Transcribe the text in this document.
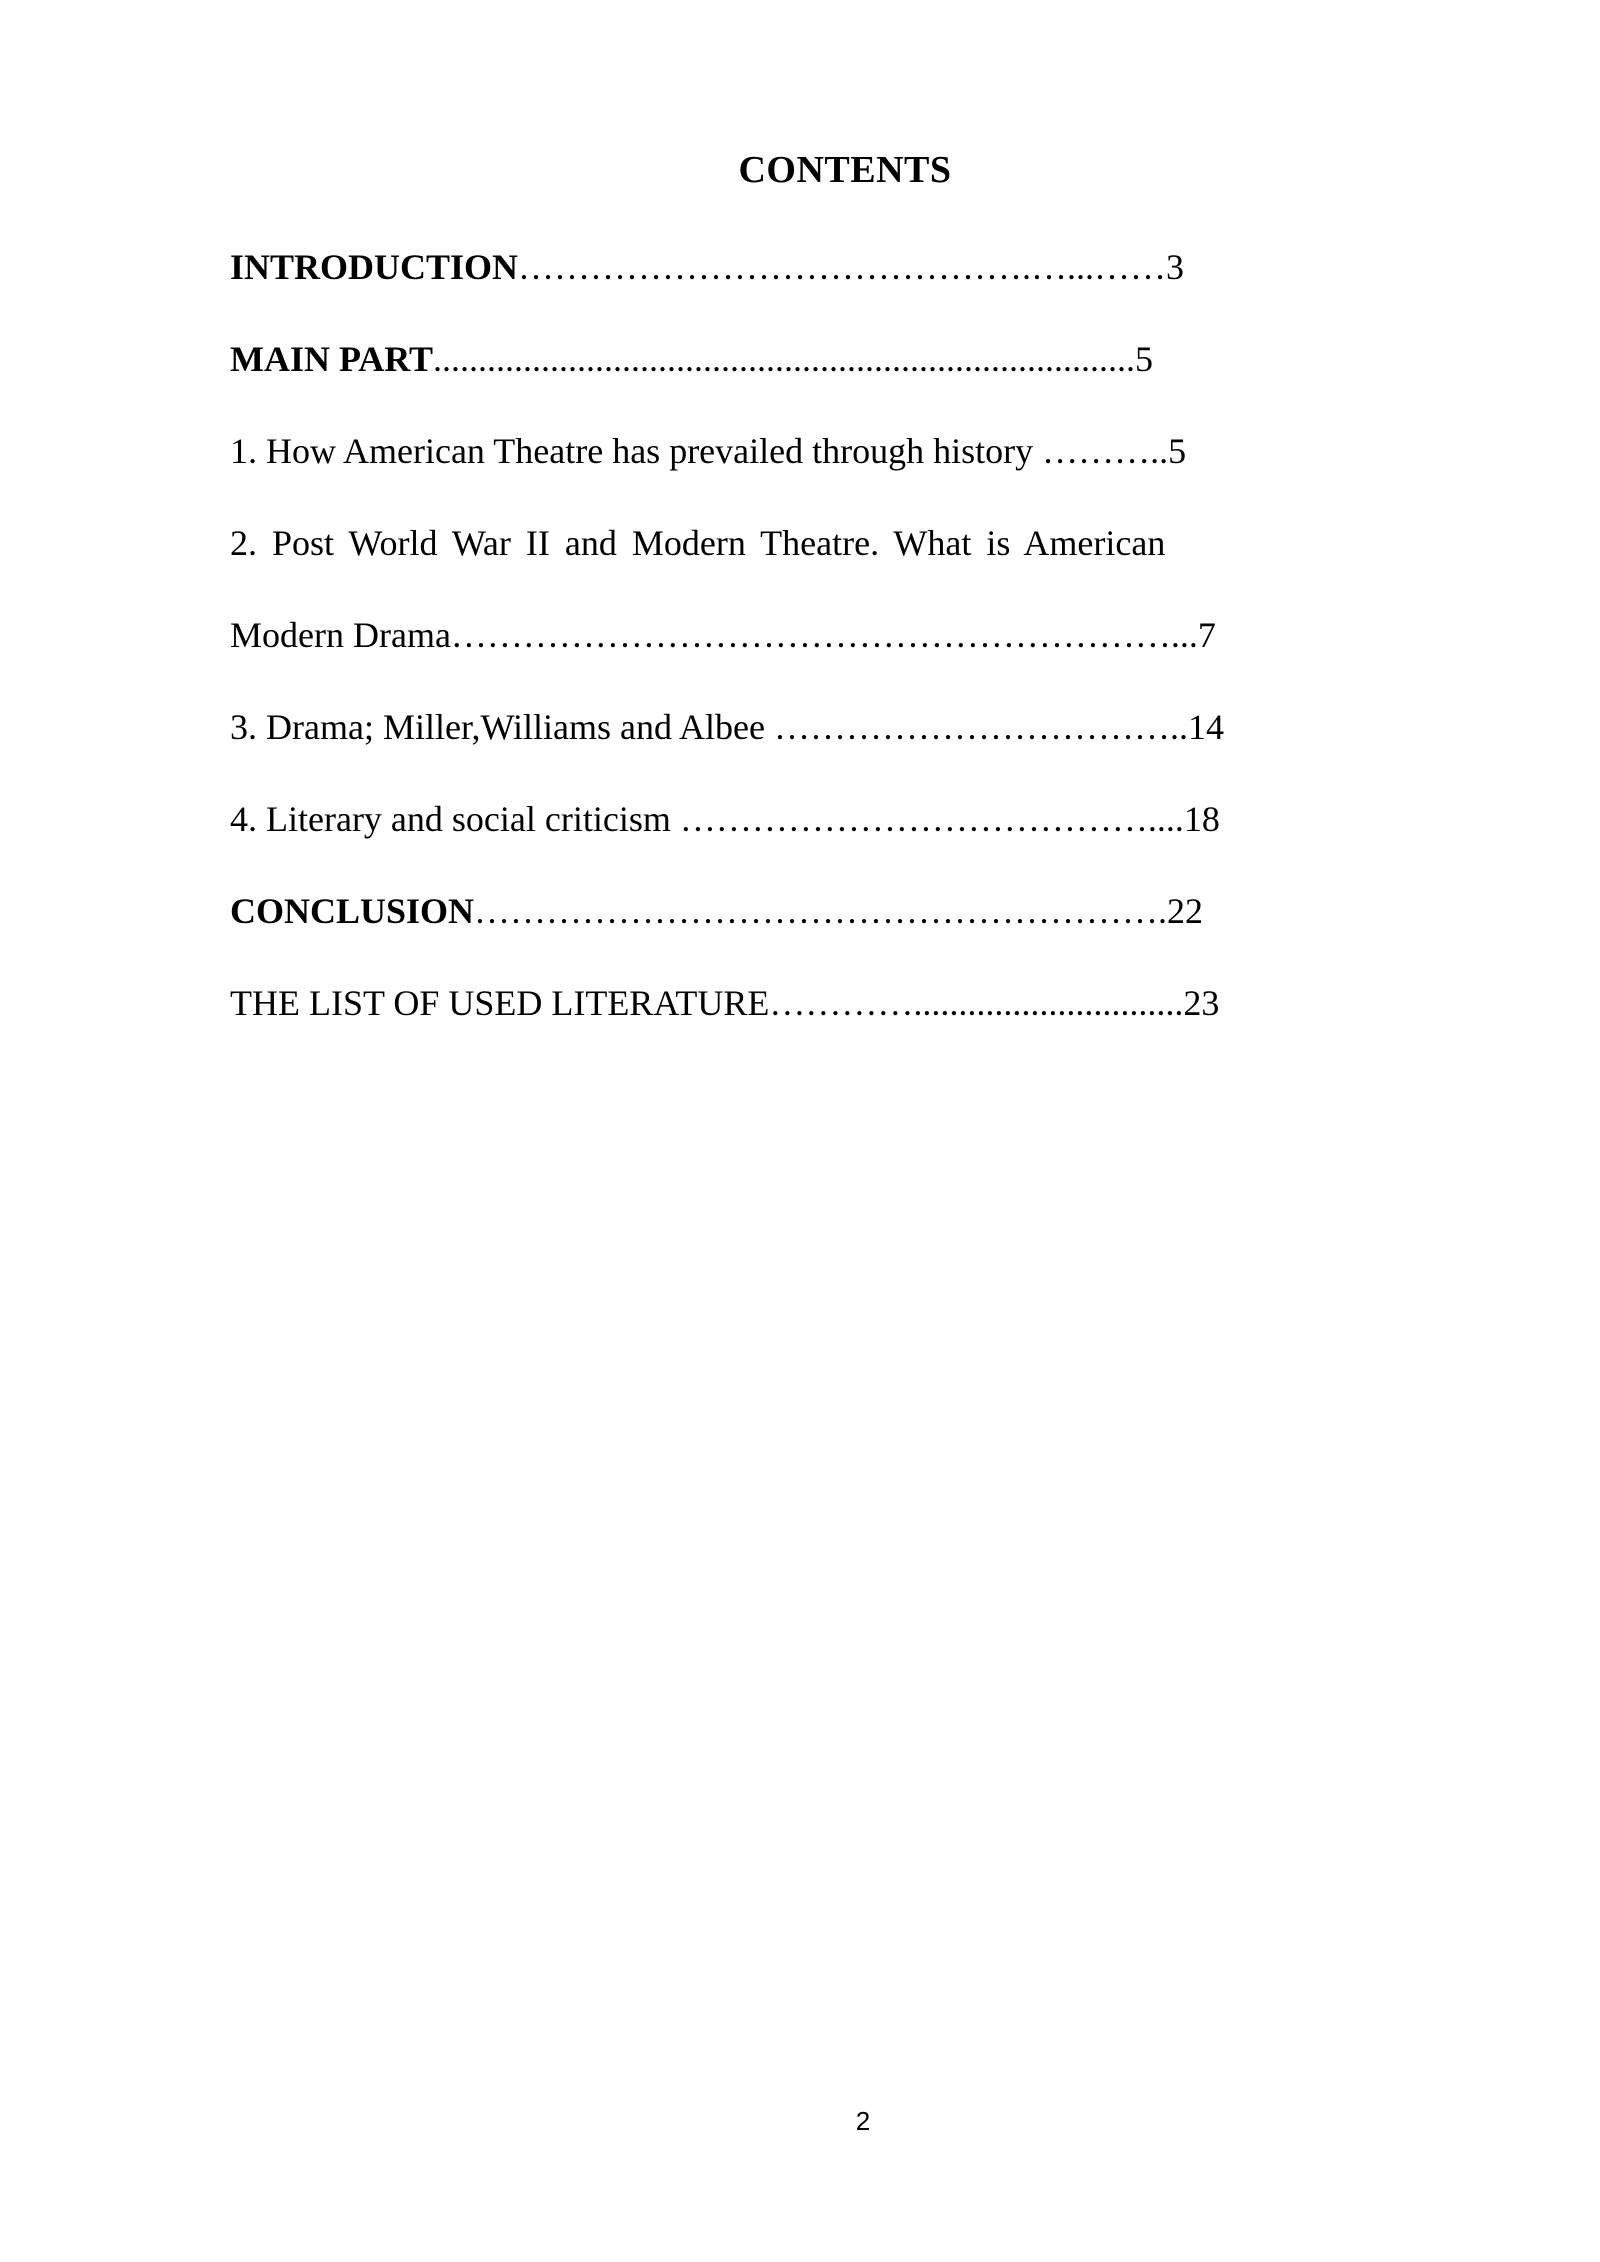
CONTENTS
INTRODUCTION…………………………………….…...……3
MAIN PART..............................................................................5
1. How American Theatre has prevailed through history ………..5
2. Post World War II and Modern Theatre. What is American
Modern Drama……………………………………………………...7
3. Drama; Miller,Williams and Albee ……………………………..14
4. Literary and social criticism …………………………………....18
CONCLUSION………………………………………………….22
THE LIST OF USED LITERATURE…………..............................23
2
